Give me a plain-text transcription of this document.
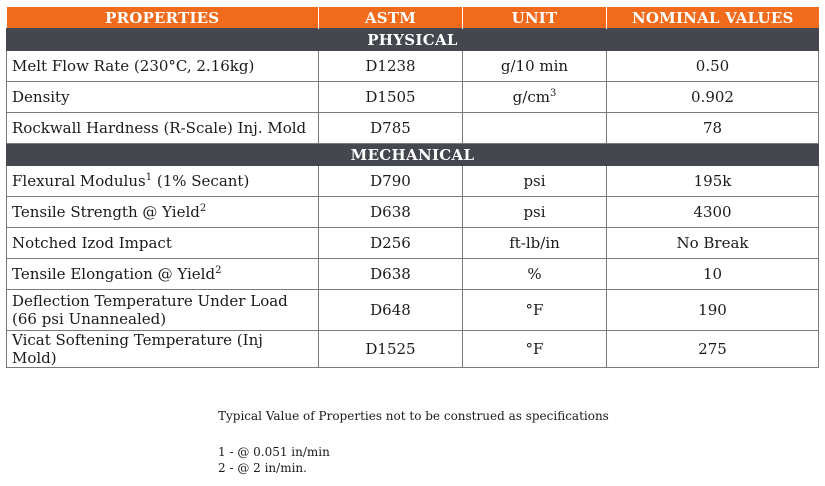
PROPERTIES	ASTM	UNIT	NOMINAL VALUES
PHYSICAL			
Melt Flow Rate (230°C, 2.16kg)	D1238	g/10 min	0.50
Density	D1505	$g/cm^3$	0.902
Rockwall Hardness (R-Scale) Inj. Mold	D785		78
MECHANICAL			
Flexural Modulus$^1$ (1% Secant)	D790	psi	195k
Tensile Strength @ Yield$^2$	D638	psi	4300
Notched Izod Impact	D256	ft-lb/in	No Break
Tensile Elongation @ Yield$^2$	D638	%	10
Deflection Temperature Under Load (66 psi Unannealed)	D648	°F	190
Vicat Softening Temperature (Inj Mold)	D1525	°F	275

Typical Value of Properties not to be construed as specifications

1 - @ 0.051 in/min

2 - @ 2 in/min.
